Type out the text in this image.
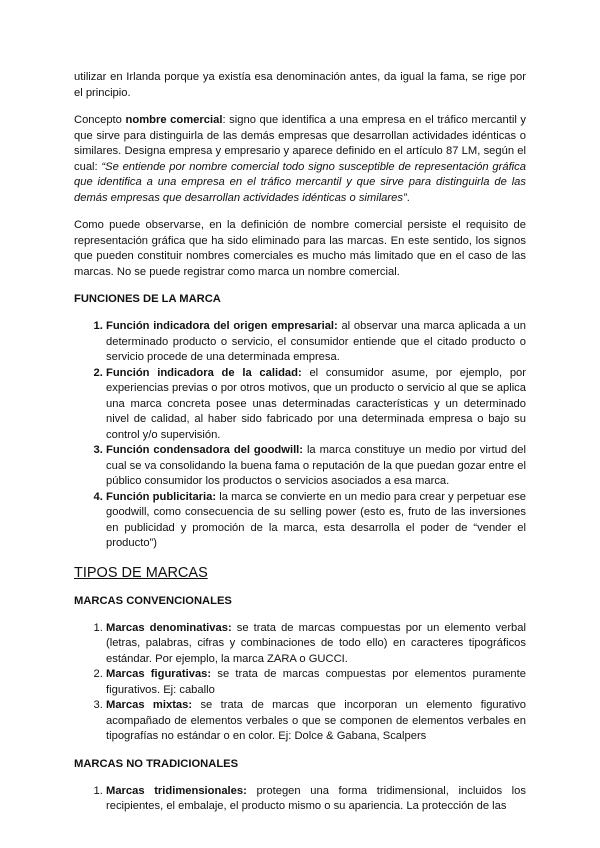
utilizar en Irlanda porque ya existía esa denominación antes, da igual la fama, se rige por el principio.

Concepto nombre comercial: signo que identifica a una empresa en el tráfico mercantil y que sirve para distinguirla de las demás empresas que desarrollan actividades idénticas o similares. Designa empresa y empresario y aparece definido en el artículo 87 LM, según el cual: “Se entiende por nombre comercial todo signo susceptible de representación gráfica que identifica a una empresa en el tráfico mercantil y que sirve para distinguirla de las demás empresas que desarrollan actividades idénticas o similares”.

Como puede observarse, en la definición de nombre comercial persiste el requisito de representación gráfica que ha sido eliminado para las marcas. En este sentido, los signos que pueden constituir nombres comerciales es mucho más limitado que en el caso de las marcas. No se puede registrar como marca un nombre comercial.

FUNCIONES DE LA MARCA
1. Función indicadora del origen empresarial: al observar una marca aplicada a un determinado producto o servicio, el consumidor entiende que el citado producto o servicio procede de una determinada empresa.
2. Función indicadora de la calidad: el consumidor asume, por ejemplo, por experiencias previas o por otros motivos, que un producto o servicio al que se aplica una marca concreta posee unas determinadas características y un determinado nivel de calidad, al haber sido fabricado por una determinada empresa o bajo su control y/o supervisión.
3. Función condensadora del goodwill: la marca constituye un medio por virtud del cual se va consolidando la buena fama o reputación de la que puedan gozar entre el público consumidor los productos o servicios asociados a esa marca.
4. Función publicitaria: la marca se convierte en un medio para crear y perpetuar ese goodwill, como consecuencia de su selling power (esto es, fruto de las inversiones en publicidad y promoción de la marca, esta desarrolla el poder de “vender el producto”)
TIPOS DE MARCAS
MARCAS CONVENCIONALES
1. Marcas denominativas: se trata de marcas compuestas por un elemento verbal (letras, palabras, cifras y combinaciones de todo ello) en caracteres tipográficos estándar. Por ejemplo, la marca ZARA o GUCCI.
2. Marcas figurativas: se trata de marcas compuestas por elementos puramente figurativos. Ej: caballo
3. Marcas mixtas: se trata de marcas que incorporan un elemento figurativo acompañado de elementos verbales o que se componen de elementos verbales en tipografías no estándar o en color. Ej: Dolce & Gabana, Scalpers
MARCAS NO TRADICIONALES
1. Marcas tridimensionales: protegen una forma tridimensional, incluidos los recipientes, el embalaje, el producto mismo o su apariencia. La protección de las
